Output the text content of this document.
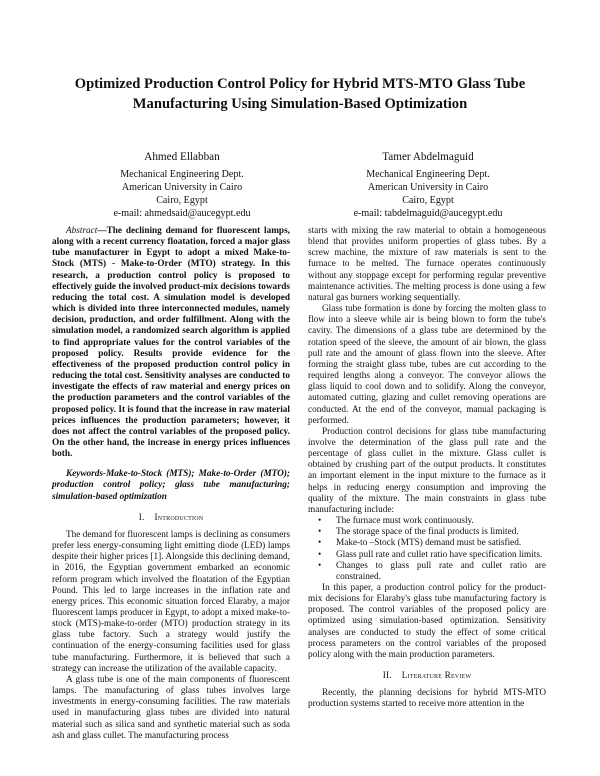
Optimized Production Control Policy for Hybrid MTS-MTO Glass Tube Manufacturing Using Simulation-Based Optimization
Ahmed Ellabban
Mechanical Engineering Dept.
American University in Cairo
Cairo, Egypt
e-mail: ahmedsaid@aucegypt.edu
Tamer Abdelmaguid
Mechanical Engineering Dept.
American University in Cairo
Cairo, Egypt
e-mail: tabdelmaguid@aucegypt.edu

Abstract—The declining demand for fluorescent lamps, along with a recent currency floatation, forced a major glass tube manufacturer in Egypt to adopt a mixed Make-to-Stock (MTS) - Make-to-Order (MTO) strategy. In this research, a production control policy is proposed to effectively guide the involved product-mix decisions towards reducing the total cost. A simulation model is developed which is divided into three interconnected modules, namely decision, production, and order fulfillment. Along with the simulation model, a randomized search algorithm is applied to find appropriate values for the control variables of the proposed policy. Results provide evidence for the effectiveness of the proposed production control policy in reducing the total cost. Sensitivity analyses are conducted to investigate the effects of raw material and energy prices on the production parameters and the control variables of the proposed policy. It is found that the increase in raw material prices influences the production parameters; however, it does not affect the control variables of the proposed policy. On the other hand, the increase in energy prices influences both.

Keywords-Make-to-Stock (MTS); Make-to-Order (MTO); production control policy; glass tube manufacturing; simulation-based optimization

I. Introduction

The demand for fluorescent lamps is declining as consumers prefer less energy-consuming light emitting diode (LED) lamps despite their higher prices [1]. Alongside this declining demand, in 2016, the Egyptian government embarked an economic reform program which involved the floatation of the Egyptian Pound. This led to large increases in the inflation rate and energy prices. This economic situation forced Elaraby, a major fluorescent lamps producer in Egypt, to adopt a mixed make-to-stock (MTS)-make-to-order (MTO) production strategy in its glass tube factory. Such a strategy would justify the continuation of the energy-consuming facilities used for glass tube manufacturing. Furthermore, it is believed that such a strategy can increase the utilization of the available capacity.

A glass tube is one of the main components of fluorescent lamps. The manufacturing of glass tubes involves large investments in energy-consuming facilities. The raw materials used in manufacturing glass tubes are divided into natural material such as silica sand and synthetic material such as soda ash and glass cullet. The manufacturing process

starts with mixing the raw material to obtain a homogeneous blend that provides uniform properties of glass tubes. By a screw machine, the mixture of raw materials is sent to the furnace to be melted. The furnace operates continuously without any stoppage except for performing regular preventive maintenance activities. The melting process is done using a few natural gas burners working sequentially.

Glass tube formation is done by forcing the molten glass to flow into a sleeve while air is being blown to form the tube's cavity. The dimensions of a glass tube are determined by the rotation speed of the sleeve, the amount of air blown, the glass pull rate and the amount of glass flown into the sleeve. After forming the straight glass tube, tubes are cut according to the required lengths along a conveyor. The conveyor allows the glass liquid to cool down and to solidify. Along the conveyor, automated cutting, glazing and cullet removing operations are conducted. At the end of the conveyor, manual packaging is performed.

Production control decisions for glass tube manufacturing involve the determination of the glass pull rate and the percentage of glass cullet in the mixture. Glass cullet is obtained by crushing part of the output products. It constitutes an important element in the input mixture to the furnace as it helps in reducing energy consumption and improving the quality of the mixture. The main constraints in glass tube manufacturing include:

• The furnace must work continuously.
• The storage space of the final products is limited.
• Make-to –Stock (MTS) demand must be satisfied.
• Glass pull rate and cullet ratio have specification limits.
• Changes to glass pull rate and cullet ratio are constrained.

In this paper, a production control policy for the product-mix decisions for Elaraby's glass tube manufacturing factory is proposed. The control variables of the proposed policy are optimized using simulation-based optimization. Sensitivity analyses are conducted to study the effect of some critical process parameters on the control variables of the proposed policy along with the main production parameters.

II. Literature Review

Recently, the planning decisions for hybrid MTS-MTO production systems started to receive more attention in the
